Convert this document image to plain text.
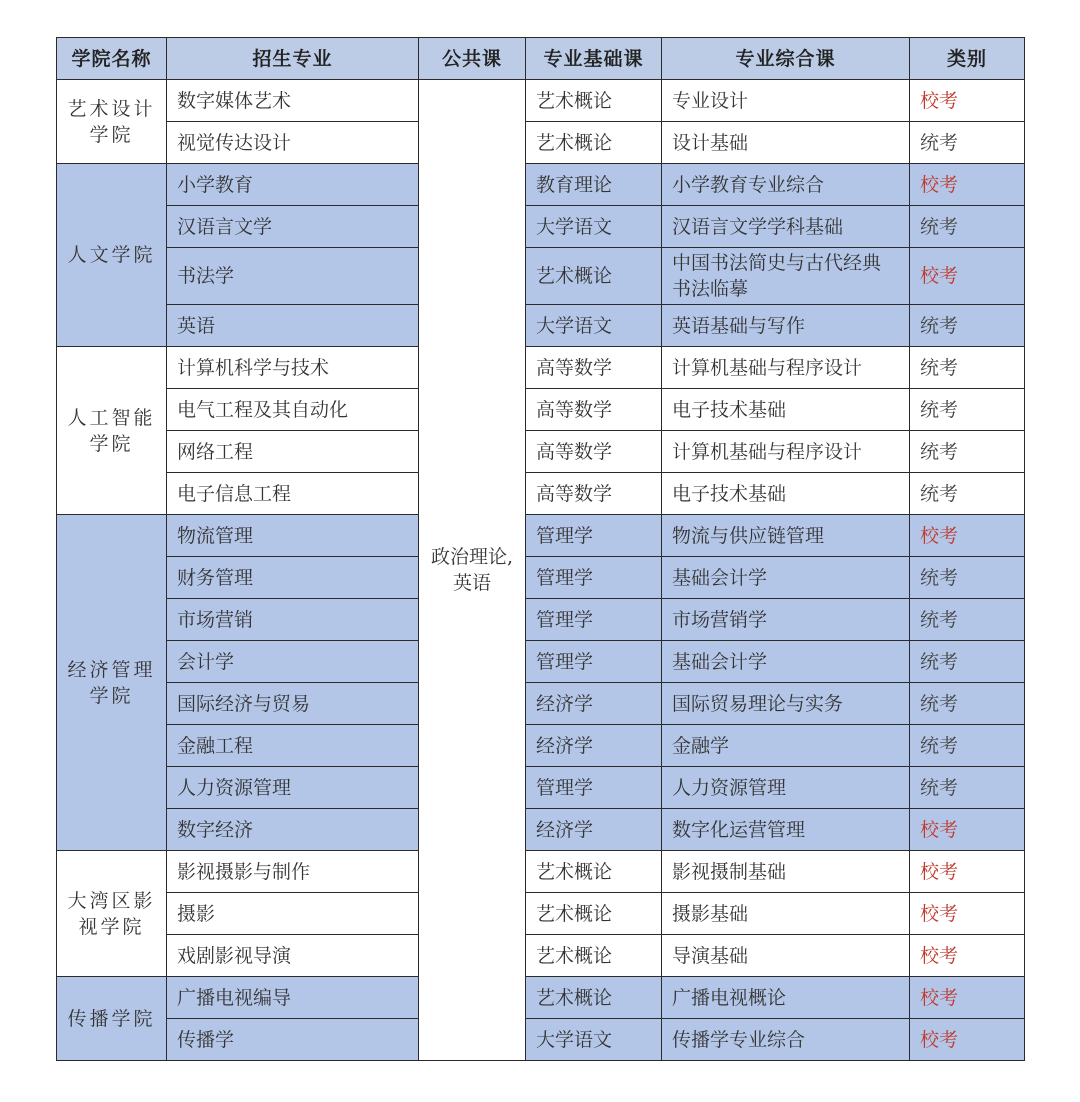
学院名称	招生专业	公共课	专业基础课	专业综合课	类别
艺术设计学院	数字媒体艺术	政治理论,英语	艺术概论	专业设计	校考
	视觉传达设计		艺术概论	设计基础	统考
人文学院	小学教育		教育理论	小学教育专业综合	校考
	汉语言文学		大学语文	汉语言文学学科基础	统考
	书法学		艺术概论	中国书法简史与古代经典书法临摹	校考
	英语		大学语文	英语基础与写作	统考
人工智能学院	计算机科学与技术		高等数学	计算机基础与程序设计	统考
	电气工程及其自动化		高等数学	电子技术基础	统考
	网络工程		高等数学	计算机基础与程序设计	统考
	电子信息工程		高等数学	电子技术基础	统考
经济管理学院	物流管理		管理学	物流与供应链管理	校考
	财务管理		管理学	基础会计学	统考
	市场营销		管理学	市场营销学	统考
	会计学		管理学	基础会计学	统考
	国际经济与贸易		经济学	国际贸易理论与实务	统考
	金融工程		经济学	金融学	统考
	人力资源管理		管理学	人力资源管理	统考
	数字经济		经济学	数字化运营管理	校考
大湾区影视学院	影视摄影与制作		艺术概论	影视摄制基础	校考
	摄影		艺术概论	摄影基础	校考
	戏剧影视导演		艺术概论	导演基础	校考
传播学院	广播电视编导		艺术概论	广播电视概论	校考
	传播学		大学语文	传播学专业综合	校考
